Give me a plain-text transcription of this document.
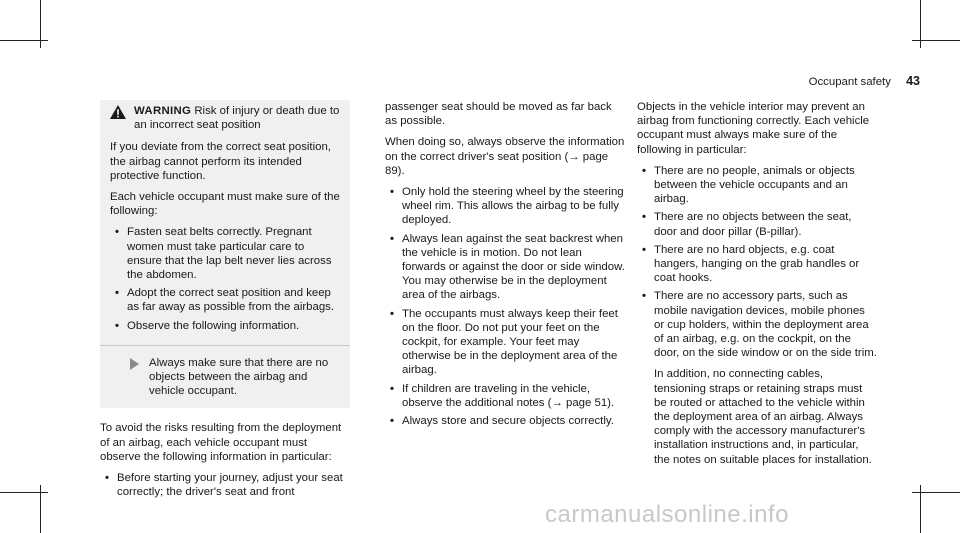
Occupant safety 43
WARNING Risk of injury or death due to an incorrect seat position

If you deviate from the correct seat position, the airbag cannot perform its intended protective function.

Each vehicle occupant must make sure of the following:

• Fasten seat belts correctly. Pregnant women must take particular care to ensure that the lap belt never lies across the abdomen.
• Adopt the correct seat position and keep as far away as possible from the airbags.
• Observe the following information.
Always make sure that there are no objects between the airbag and vehicle occupant.

To avoid the risks resulting from the deployment of an airbag, each vehicle occupant must observe the following information in particular:

• Before starting your journey, adjust your seat correctly; the driver's seat and front

passenger seat should be moved as far back as possible.

When doing so, always observe the information on the correct driver's seat position (→ page 89).

• Only hold the steering wheel by the steering wheel rim. This allows the airbag to be fully deployed.
• Always lean against the seat backrest when the vehicle is in motion. Do not lean forwards or against the door or side window. You may otherwise be in the deployment area of the airbags.
• The occupants must always keep their feet on the floor. Do not put your feet on the cockpit, for example. Your feet may otherwise be in the deployment area of the airbag.
• If children are traveling in the vehicle, observe the additional notes (→ page 51).
• Always store and secure objects correctly.

Objects in the vehicle interior may prevent an airbag from functioning correctly. Each vehicle occupant must always make sure of the following in particular:

• There are no people, animals or objects between the vehicle occupants and an airbag.
• There are no objects between the seat, door and door pillar (B-pillar).
• There are no hard objects, e.g. coat hangers, hanging on the grab handles or coat hooks.
• There are no accessory parts, such as mobile navigation devices, mobile phones or cup holders, within the deployment area of an airbag, e.g. on the cockpit, on the door, on the side window or on the side trim.

In addition, no connecting cables, tensioning straps or retaining straps must be routed or attached to the vehicle within the deployment area of an airbag. Always comply with the accessory manufacturer's installation instructions and, in particular, the notes on suitable places for installation.

carmanualsonline.info
